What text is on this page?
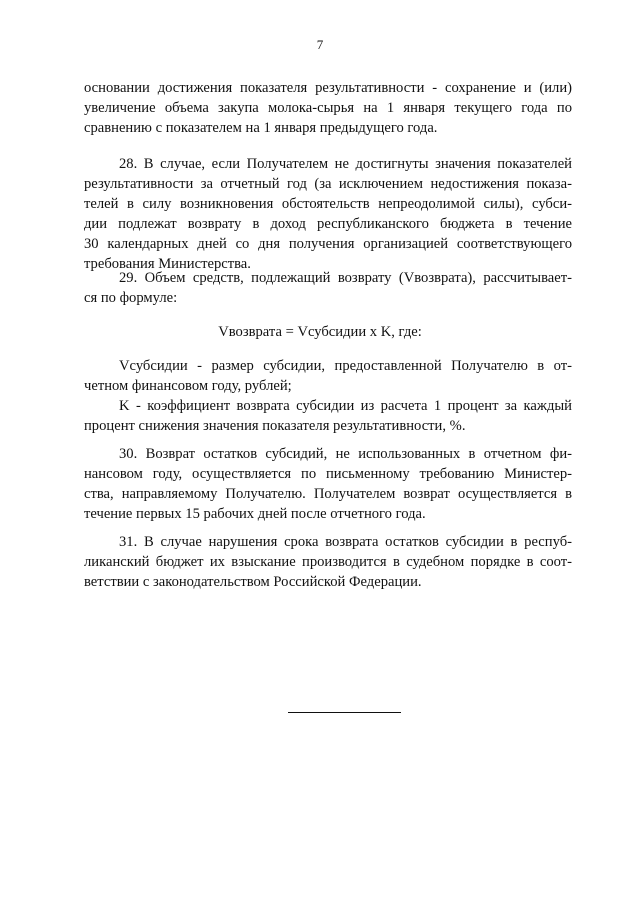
7
основании достижения показателя результативности - сохранение и (или)
увеличение объема закупа молока-сырья на 1 января текущего года по
сравнению с показателем на 1 января предыдущего года.
28. В случае, если Получателем не достигнуты значения показателей
результативности за отчетный год (за исключением недостижения показа-
телей в силу возникновения обстоятельств непреодолимой силы), субси-
дии подлежат возврату в доход республиканского бюджета в течение
30 календарных дней со дня получения организацией соответствующего
требования Министерства.
29. Объем средств, подлежащий возврату (Vвозврата), рассчитывает-
ся по формуле:
Vвозврата = Vсубсидии x K, где:
Vсубсидии - размер субсидии, предоставленной Получателю в от-
четном финансовом году, рублей;
K - коэффициент возврата субсидии из расчета 1 процент за каждый
процент снижения значения показателя результативности, %.
30. Возврат остатков субсидий, не использованных в отчетном фи-
нансовом году, осуществляется по письменному требованию Министер-
ства, направляемому Получателю. Получателем возврат осуществляется в
течение первых 15 рабочих дней после отчетного года.
31. В случае нарушения срока возврата остатков субсидии в респуб-
ликанский бюджет их взыскание производится в судебном порядке в соот-
ветствии с законодательством Российской Федерации.
